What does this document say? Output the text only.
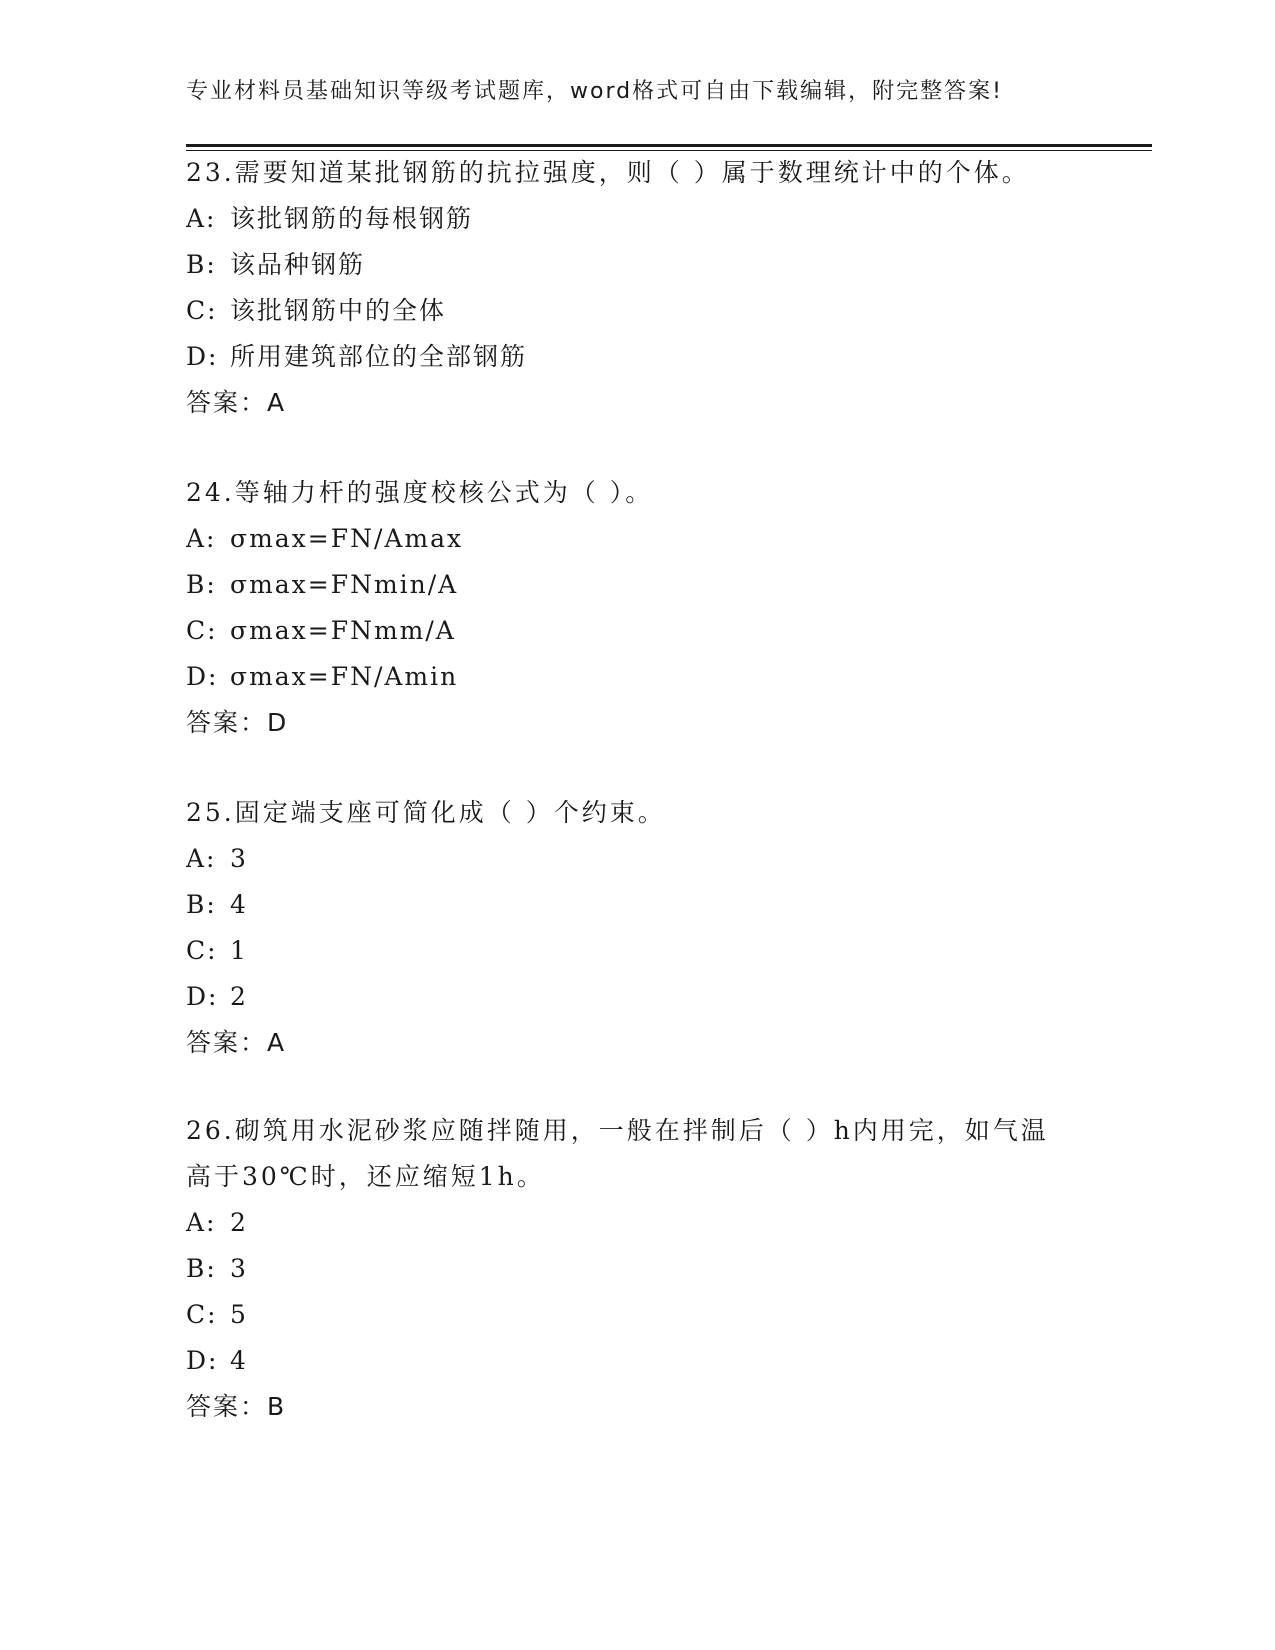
专业材料员基础知识等级考试题库，word格式可自由下载编辑，附完整答案!

23.需要知道某批钢筋的抗拉强度，则（ ）属于数理统计中的个体。

A: 该批钢筋的每根钢筋

B: 该品种钢筋

C: 该批钢筋中的全体

D: 所用建筑部位的全部钢筋

答案：A

24.等轴力杆的强度校核公式为（ ）。

A: σmax=FN/Amax

B: σmax=FNmin/A

C: σmax=FNmm/A

D: σmax=FN/Amin

答案：D

25.固定端支座可简化成（ ）个约束。

A: 3

B: 4

C: 1

D: 2

答案：A

26.砌筑用水泥砂浆应随拌随用，一般在拌制后（ ）h内用完，如气温高于30℃时，还应缩短1h。

A: 2

B: 3

C: 5

D: 4

答案：B
